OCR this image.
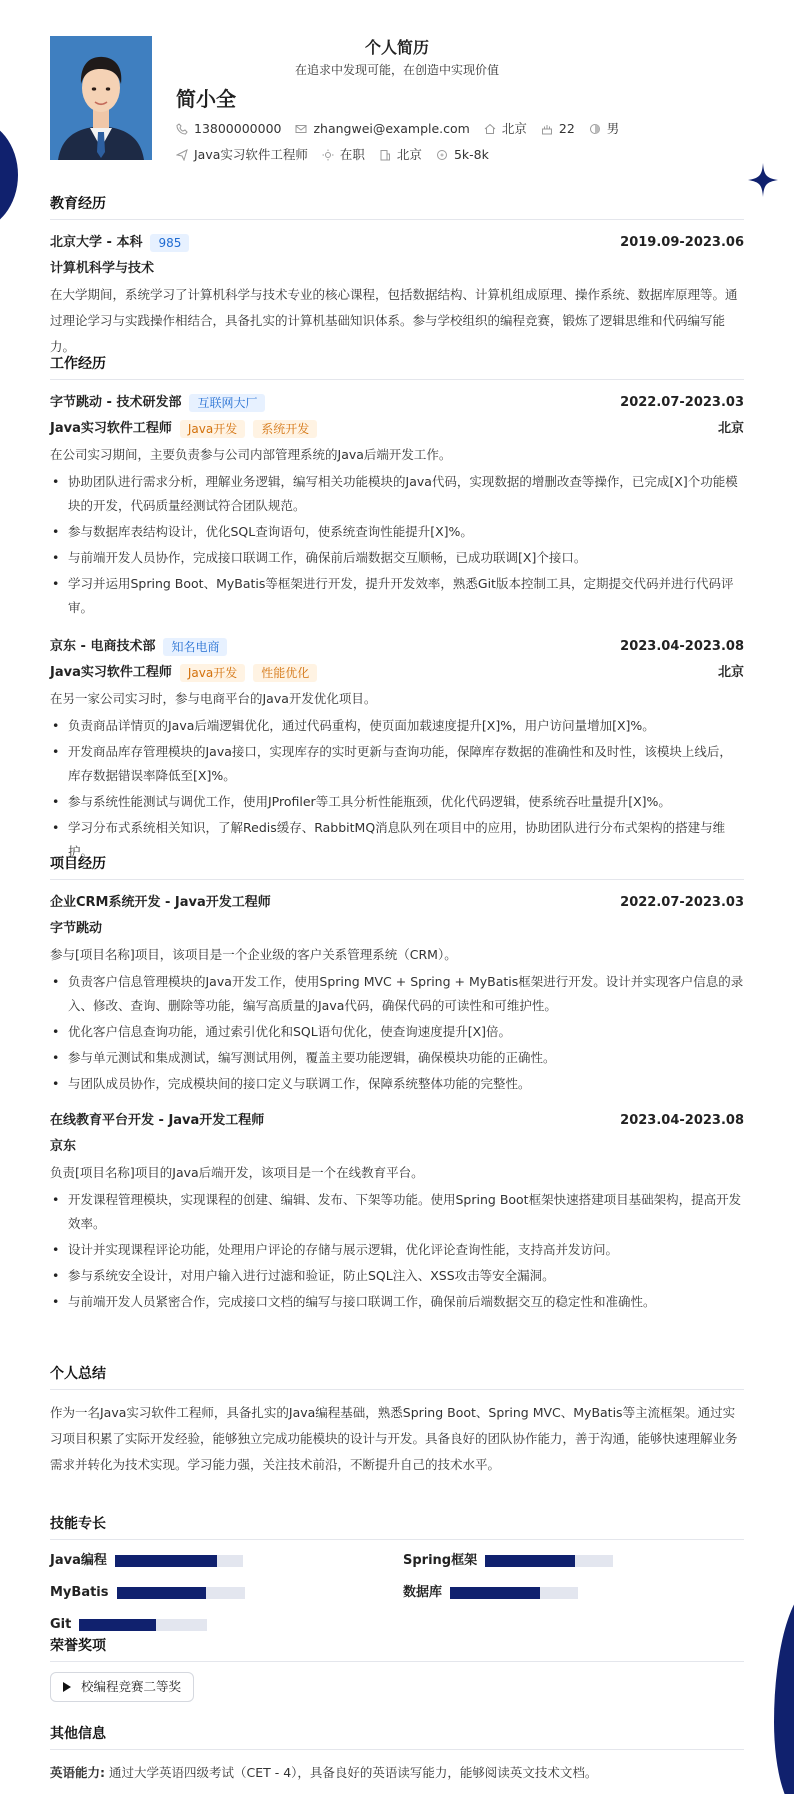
个人简历
在追求中发现可能，在创造中实现价值
简小全
13800000000	zhangwei@example.com	北京	22	男
Java实习软件工程师	在职	北京	5k-8k
教育经历
北京大学 - 本科	985	2019.09-2023.06
计算机科学与技术
在大学期间，系统学习了计算机科学与技术专业的核心课程，包括数据结构、计算机组成原理、操作系统、数据库原理等。通过理论学习与实践操作相结合，具备扎实的计算机基础知识体系。参与学校组织的编程竞赛，锻炼了逻辑思维和代码编写能力。
工作经历
字节跳动 - 技术研发部	互联网大厂	2022.07-2023.03
Java实习软件工程师	Java开发	系统开发	北京
在公司实习期间，主要负责参与公司内部管理系统的Java后端开发工作。
• 协助团队进行需求分析，理解业务逻辑，编写相关功能模块的Java代码，实现数据的增删改查等操作，已完成[X]个功能模块的开发，代码质量经测试符合团队规范。
• 参与数据库表结构设计，优化SQL查询语句，使系统查询性能提升[X]%。
• 与前端开发人员协作，完成接口联调工作，确保前后端数据交互顺畅，已成功联调[X]个接口。
• 学习并运用Spring Boot、MyBatis等框架进行开发，提升开发效率，熟悉Git版本控制工具，定期提交代码并进行代码评审。
京东 - 电商技术部	知名电商	2023.04-2023.08
Java实习软件工程师	Java开发	性能优化	北京
在另一家公司实习时，参与电商平台的Java开发优化项目。
• 负责商品详情页的Java后端逻辑优化，通过代码重构，使页面加载速度提升[X]%，用户访问量增加[X]%。
• 开发商品库存管理模块的Java接口，实现库存的实时更新与查询功能，保障库存数据的准确性和及时性，该模块上线后，库存数据错误率降低至[X]%。
• 参与系统性能测试与调优工作，使用JProfiler等工具分析性能瓶颈，优化代码逻辑，使系统吞吐量提升[X]%。
• 学习分布式系统相关知识，了解Redis缓存、RabbitMQ消息队列在项目中的应用，协助团队进行分布式架构的搭建与维护。
项目经历
企业CRM系统开发 - Java开发工程师	2022.07-2023.03
字节跳动
参与[项目名称]项目，该项目是一个企业级的客户关系管理系统（CRM）。
• 负责客户信息管理模块的Java开发工作，使用Spring MVC + Spring + MyBatis框架进行开发。设计并实现客户信息的录入、修改、查询、删除等功能，编写高质量的Java代码，确保代码的可读性和可维护性。
• 优化客户信息查询功能，通过索引优化和SQL语句优化，使查询速度提升[X]倍。
• 参与单元测试和集成测试，编写测试用例，覆盖主要功能逻辑，确保模块功能的正确性。
• 与团队成员协作，完成模块间的接口定义与联调工作，保障系统整体功能的完整性。
在线教育平台开发 - Java开发工程师	2023.04-2023.08
京东
负责[项目名称]项目的Java后端开发，该项目是一个在线教育平台。
• 开发课程管理模块，实现课程的创建、编辑、发布、下架等功能。使用Spring Boot框架快速搭建项目基础架构，提高开发效率。
• 设计并实现课程评论功能，处理用户评论的存储与展示逻辑，优化评论查询性能，支持高并发访问。
• 参与系统安全设计，对用户输入进行过滤和验证，防止SQL注入、XSS攻击等安全漏洞。
• 与前端开发人员紧密合作，完成接口文档的编写与接口联调工作，确保前后端数据交互的稳定性和准确性。
个人总结
作为一名Java实习软件工程师，具备扎实的Java编程基础，熟悉Spring Boot、Spring MVC、MyBatis等主流框架。通过实习项目积累了实际开发经验，能够独立完成功能模块的设计与开发。具备良好的团队协作能力，善于沟通，能够快速理解业务需求并转化为技术实现。学习能力强，关注技术前沿，不断提升自己的技术水平。
技能专长
Java编程	Spring框架
MyBatis	数据库
Git
荣誉奖项
校编程竞赛二等奖
其他信息
英语能力: 通过大学英语四级考试（CET - 4），具备良好的英语读写能力，能够阅读英文技术文档。
